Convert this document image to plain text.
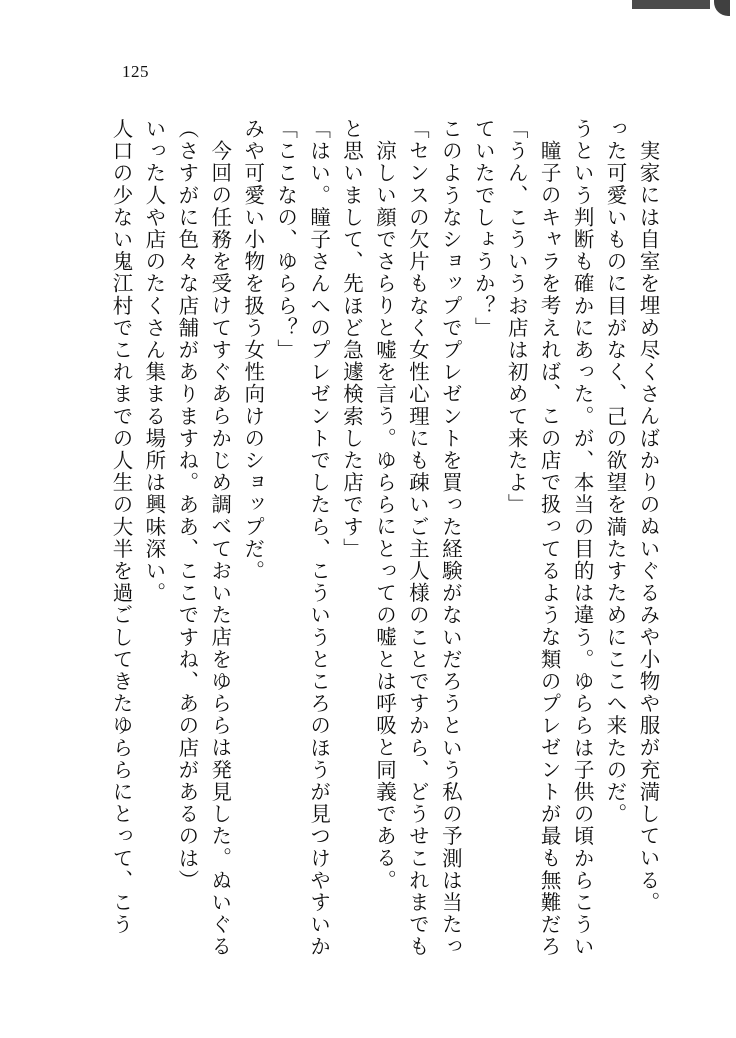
125
人口の少ない鬼江村でこれまでの人生の大半を過ごしてきたゆららにとって、こう いった人や店のたくさん集まる場所は興味深い。 （さすがに色々な店舗がありますね。ああ、ここですね、あの店があるのは） 今回の任務を受けてすぐあらかじめ調べておいた店をゆららは発見した。ぬいぐる みや可愛い小物を扱う女性向けのショップだ。 「ここなの、ゆらら？」 「はい。瞳子さんへのプレゼントでしたら、こういうところのほうが見つけやすいか と思いまして、先ほど急遽検索した店です」 涼しい顔でさらりと嘘を言う。ゆららにとっての嘘とは呼吸と同義である。 「センスの欠片もなく女性心理にも疎いご主人様のことですから、どうせこれまでも このようなショップでプレゼントを買った経験がないだろうという私の予測は当たっ ていたでしょうか？」 「うん、こういうお店は初めて来たよ」 瞳子のキャラを考えれば、この店で扱ってるような類のプレゼントが最も無難だろ うという判断も確かにあった。が、本当の目的は違う。ゆららは子供の頃からこうい った可愛いものに目がなく、己の欲望を満たすためにここへ来たのだ。 実家には自室を埋め尽くさんばかりのぬいぐるみや小物や服が充満している。
